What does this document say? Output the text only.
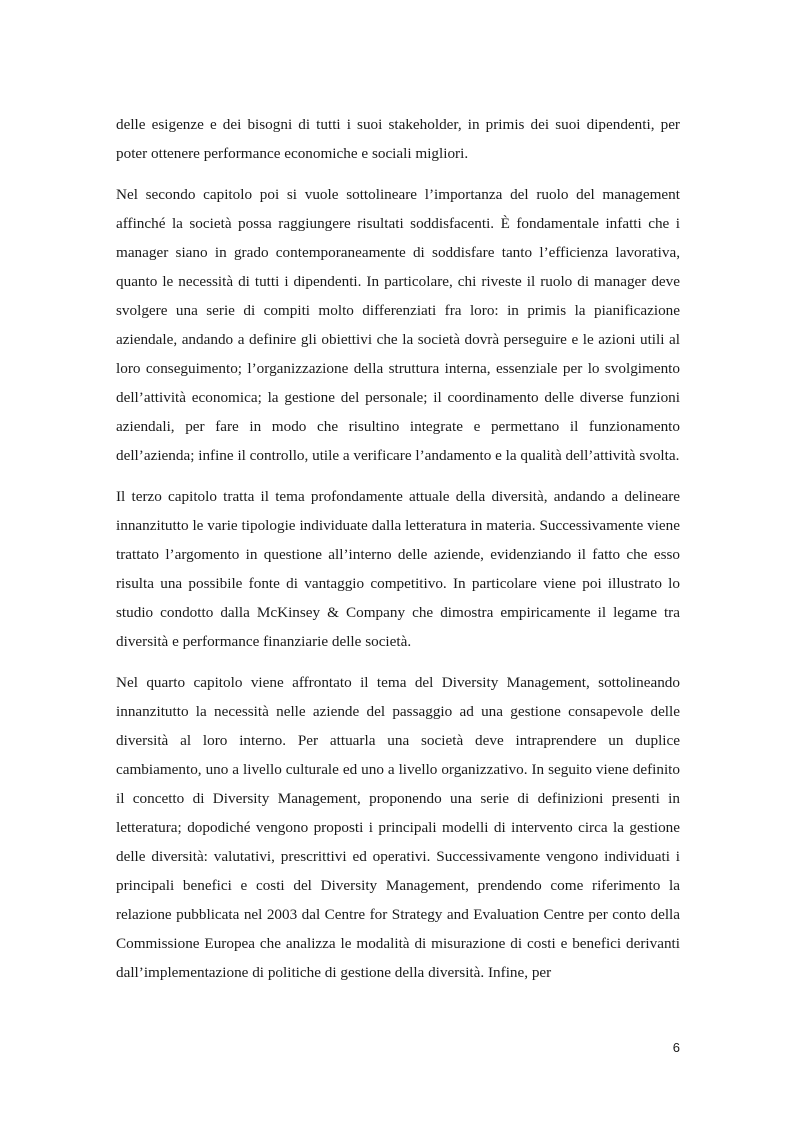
delle esigenze e dei bisogni di tutti i suoi stakeholder, in primis dei suoi dipendenti, per poter ottenere performance economiche e sociali migliori.

Nel secondo capitolo poi si vuole sottolineare l’importanza del ruolo del management affinché la società possa raggiungere risultati soddisfacenti. È fondamentale infatti che i manager siano in grado contemporaneamente di soddisfare tanto l’efficienza lavorativa, quanto le necessità di tutti i dipendenti. In particolare, chi riveste il ruolo di manager deve svolgere una serie di compiti molto differenziati fra loro: in primis la pianificazione aziendale, andando a definire gli obiettivi che la società dovrà perseguire e le azioni utili al loro conseguimento; l’organizzazione della struttura interna, essenziale per lo svolgimento dell’attività economica; la gestione del personale; il coordinamento delle diverse funzioni aziendali, per fare in modo che risultino integrate e permettano il funzionamento dell’azienda; infine il controllo, utile a verificare l’andamento e la qualità dell’attività svolta.

Il terzo capitolo tratta il tema profondamente attuale della diversità, andando a delineare innanzitutto le varie tipologie individuate dalla letteratura in materia. Successivamente viene trattato l’argomento in questione all’interno delle aziende, evidenziando il fatto che esso risulta una possibile fonte di vantaggio competitivo. In particolare viene poi illustrato lo studio condotto dalla McKinsey & Company che dimostra empiricamente il legame tra diversità e performance finanziarie delle società.

Nel quarto capitolo viene affrontato il tema del Diversity Management, sottolineando innanzitutto la necessità nelle aziende del passaggio ad una gestione consapevole delle diversità al loro interno. Per attuarla una società deve intraprendere un duplice cambiamento, uno a livello culturale ed uno a livello organizzativo. In seguito viene definito il concetto di Diversity Management, proponendo una serie di definizioni presenti in letteratura; dopodiché vengono proposti i principali modelli di intervento circa la gestione delle diversità: valutativi, prescrittivi ed operativi. Successivamente vengono individuati i principali benefici e costi del Diversity Management, prendendo come riferimento la relazione pubblicata nel 2003 dal Centre for Strategy and Evaluation Centre per conto della Commissione Europea che analizza le modalità di misurazione di costi e benefici derivanti dall’implementazione di politiche di gestione della diversità. Infine, per

6
